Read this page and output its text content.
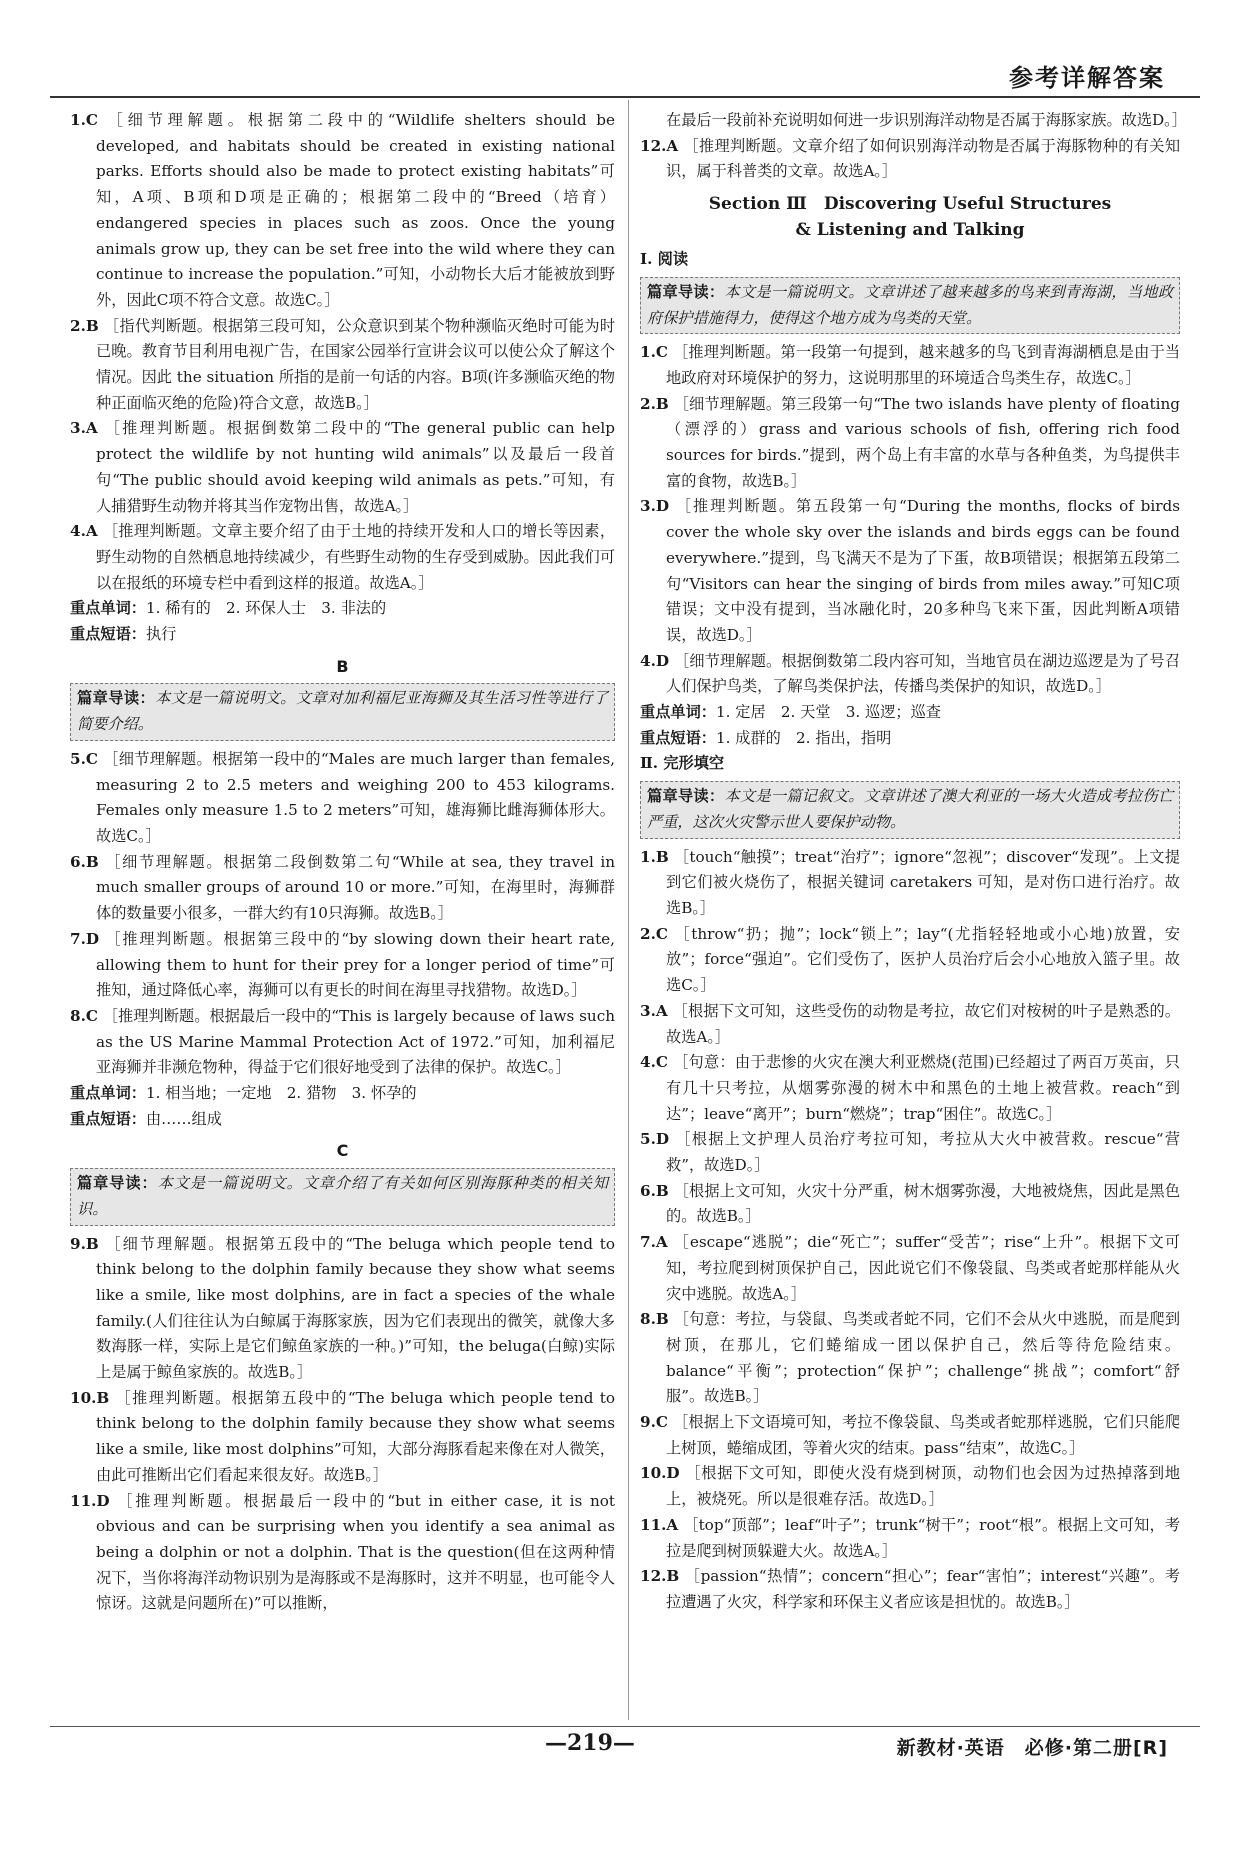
参考详解答案
1.C ［细节理解题。根据第二段中的“Wildlife shelters should be developed, and habitats should be created in existing national parks. Efforts should also be made to protect existing habitats”可知，A项、B项和D项是正确的；根据第二段中的“Breed（培育）endangered species in places such as zoos. Once the young animals grow up, they can be set free into the wild where they can continue to increase the population.”可知，小动物长大后才能被放到野外，因此C项不符合文意。故选C。］
2.B ［指代判断题。根据第三段可知，公众意识到某个物种濒临灭绝时可能为时已晚。教育节目利用电视广告，在国家公园举行宣讲会议可以使公众了解这个情况。因此 the situation 所指的是前一句话的内容。B项(许多濒临灭绝的物种正面临灭绝的危险)符合文意，故选B。］
3.A ［推理判断题。根据倒数第二段中的“The general public can help protect the wildlife by not hunting wild animals”以及最后一段首句“The public should avoid keeping wild animals as pets.”可知，有人捕猎野生动物并将其当作宠物出售，故选A。］
4.A ［推理判断题。文章主要介绍了由于土地的持续开发和人口的增长等因素，野生动物的自然栖息地持续减少，有些野生动物的生存受到威胁。因此我们可以在报纸的环境专栏中看到这样的报道。故选A。］
重点单词：1. 稀有的　2. 环保人士　3. 非法的
重点短语：执行
B
篇章导读：本文是一篇说明文。文章对加利福尼亚海狮及其生活习性等进行了简要介绍。
5.C ［细节理解题。根据第一段中的“Males are much larger than females, measuring 2 to 2.5 meters and weighing 200 to 453 kilograms. Females only measure 1.5 to 2 meters”可知，雄海狮比雌海狮体形大。故选C。］
6.B ［细节理解题。根据第二段倒数第二句“While at sea, they travel in much smaller groups of around 10 or more.”可知，在海里时，海狮群体的数量要小很多，一群大约有10只海狮。故选B。］
7.D ［推理判断题。根据第三段中的“by slowing down their heart rate, allowing them to hunt for their prey for a longer period of time”可推知，通过降低心率，海狮可以有更长的时间在海里寻找猎物。故选D。］
8.C ［推理判断题。根据最后一段中的“This is largely because of laws such as the US Marine Mammal Protection Act of 1972.”可知，加利福尼亚海狮并非濒危物种，得益于它们很好地受到了法律的保护。故选C。］
重点单词：1. 相当地；一定地　2. 猎物　3. 怀孕的
重点短语：由……组成
C
篇章导读：本文是一篇说明文。文章介绍了有关如何区别海豚种类的相关知识。
9.B ［细节理解题。根据第五段中的“The beluga which people tend to think belong to the dolphin family because they show what seems like a smile, like most dolphins, are in fact a species of the whale family.(人们往往认为白鲸属于海豚家族，因为它们表现出的微笑，就像大多数海豚一样，实际上是它们鲸鱼家族的一种。)”可知，the beluga(白鲸)实际上是属于鲸鱼家族的。故选B。］
10.B ［推理判断题。根据第五段中的“The beluga which people tend to think belong to the dolphin family because they show what seems like a smile, like most dolphins”可知，大部分海豚看起来像在对人微笑，由此可推断出它们看起来很友好。故选B。］
11.D ［推理判断题。根据最后一段中的“but in either case, it is not obvious and can be surprising when you identify a sea animal as being a dolphin or not a dolphin. That is the question(但在这两种情况下，当你将海洋动物识别为是海豚或不是海豚时，这并不明显，也可能令人惊讶。这就是问题所在)”可以推断，
在最后一段前补充说明如何进一步识别海洋动物是否属于海豚家族。故选D。］
12.A ［推理判断题。文章介绍了如何识别海洋动物是否属于海豚物种的有关知识，属于科普类的文章。故选A。］
Section Ⅲ　Discovering Useful Structures
& Listening and Talking
Ⅰ. 阅读
篇章导读：本文是一篇说明文。文章讲述了越来越多的鸟来到青海湖，当地政府保护措施得力，使得这个地方成为鸟类的天堂。
1.C ［推理判断题。第一段第一句提到，越来越多的鸟飞到青海湖栖息是由于当地政府对环境保护的努力，这说明那里的环境适合鸟类生存，故选C。］
2.B ［细节理解题。第三段第一句“The two islands have plenty of floating（漂浮的）grass and various schools of fish, offering rich food sources for birds.”提到，两个岛上有丰富的水草与各种鱼类，为鸟提供丰富的食物，故选B。］
3.D ［推理判断题。第五段第一句“During the months, flocks of birds cover the whole sky over the islands and birds eggs can be found everywhere.”提到，鸟飞满天不是为了下蛋，故B项错误；根据第五段第二句“Visitors can hear the singing of birds from miles away.”可知C项错误；文中没有提到，当冰融化时，20多种鸟飞来下蛋，因此判断A项错误，故选D。］
4.D ［细节理解题。根据倒数第二段内容可知，当地官员在湖边巡逻是为了号召人们保护鸟类，了解鸟类保护法，传播鸟类保护的知识，故选D。］
重点单词：1. 定居　2. 天堂　3. 巡逻；巡查
重点短语：1. 成群的　2. 指出，指明
Ⅱ. 完形填空
篇章导读：本文是一篇记叙文。文章讲述了澳大利亚的一场大火造成考拉伤亡严重，这次火灾警示世人要保护动物。
1.B ［touch“触摸”；treat“治疗”；ignore“忽视”；discover“发现”。上文提到它们被火烧伤了，根据关键词 caretakers 可知，是对伤口进行治疗。故选B。］
2.C ［throw“扔；抛”；lock“锁上”；lay“(尤指轻轻地或小心地)放置，安放”；force“强迫”。它们受伤了，医护人员治疗后会小心地放入篮子里。故选C。］
3.A ［根据下文可知，这些受伤的动物是考拉，故它们对桉树的叶子是熟悉的。故选A。］
4.C ［句意：由于悲惨的火灾在澳大利亚燃烧(范围)已经超过了两百万英亩，只有几十只考拉，从烟雾弥漫的树木中和黑色的土地上被营救。reach“到达”；leave“离开”；burn“燃烧”；trap“困住”。故选C。］
5.D ［根据上文护理人员治疗考拉可知，考拉从大火中被营救。rescue“营救”，故选D。］
6.B ［根据上文可知，火灾十分严重，树木烟雾弥漫，大地被烧焦，因此是黑色的。故选B。］
7.A ［escape“逃脱”；die“死亡”；suffer“受苦”；rise“上升”。根据下文可知，考拉爬到树顶保护自己，因此说它们不像袋鼠、鸟类或者蛇那样能从火灾中逃脱。故选A。］
8.B ［句意：考拉，与袋鼠、鸟类或者蛇不同，它们不会从火中逃脱，而是爬到树顶，在那儿，它们蜷缩成一团以保护自己，然后等待危险结束。balance“平衡”；protection“保护”；challenge“挑战”；comfort“舒服”。故选B。］
9.C ［根据上下文语境可知，考拉不像袋鼠、鸟类或者蛇那样逃脱，它们只能爬上树顶，蜷缩成团，等着火灾的结束。pass“结束”，故选C。］
10.D ［根据下文可知，即使火没有烧到树顶，动物们也会因为过热掉落到地上，被烧死。所以是很难存活。故选D。］
11.A ［top“顶部”；leaf“叶子”；trunk“树干”；root“根”。根据上文可知，考拉是爬到树顶躲避大火。故选A。］
12.B ［passion“热情”；concern“担心”；fear“害怕”；interest“兴趣”。考拉遭遇了火灾，科学家和环保主义者应该是担忧的。故选B。］
—219—	新教材·英语　必修·第二册[R]
